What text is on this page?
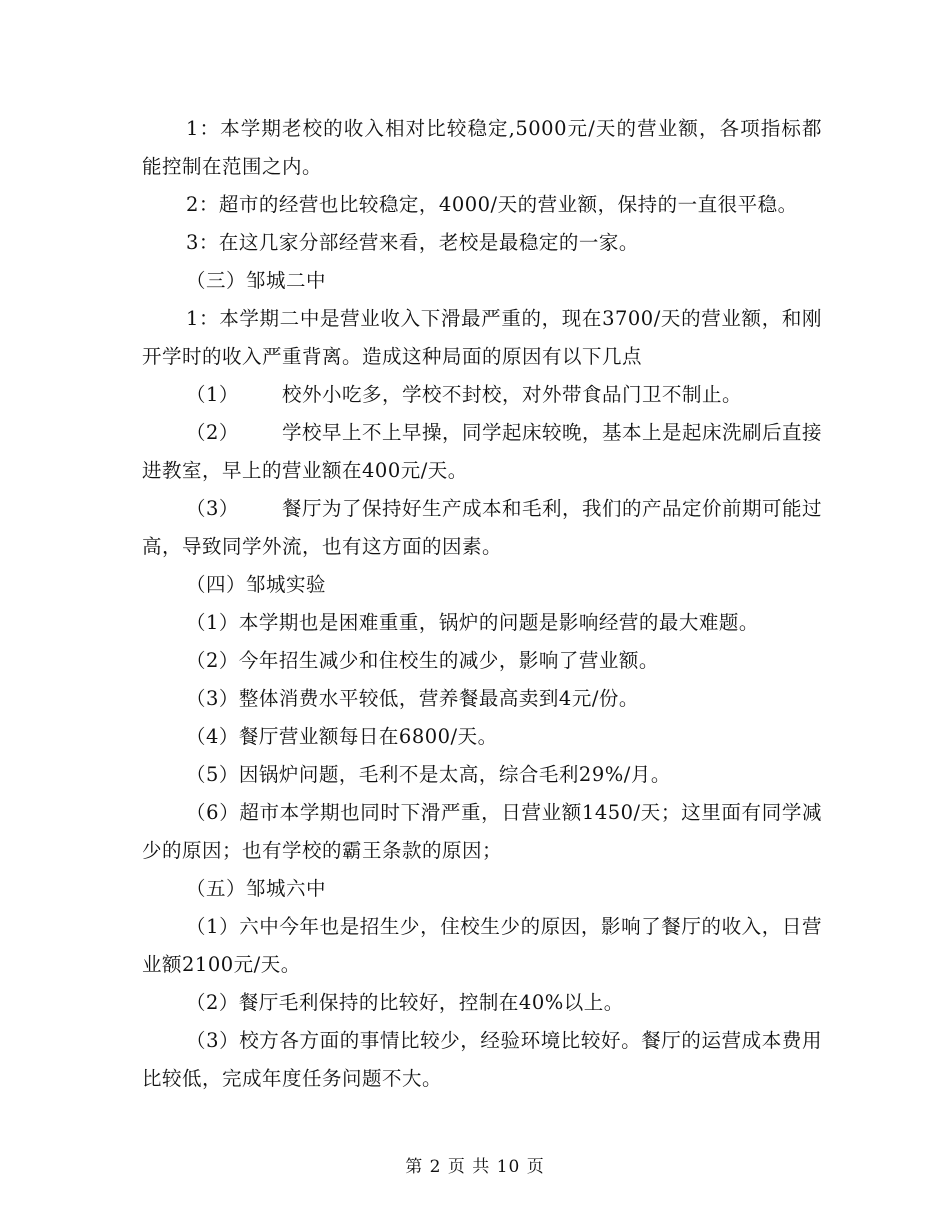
1：本学期老校的收入相对比较稳定,5000元/天的营业额，各项指标都能控制在范围之内。

2：超市的经营也比较稳定，4000/天的营业额，保持的一直很平稳。

3：在这几家分部经营来看，老校是最稳定的一家。

（三）邹城二中

1：本学期二中是营业收入下滑最严重的，现在3700/天的营业额，和刚开学时的收入严重背离。造成这种局面的原因有以下几点

（1） 校外小吃多，学校不封校，对外带食品门卫不制止。

（2） 学校早上不上早操，同学起床较晚，基本上是起床洗刷后直接进教室，早上的营业额在400元/天。

（3） 餐厅为了保持好生产成本和毛利，我们的产品定价前期可能过高，导致同学外流，也有这方面的因素。

（四）邹城实验

（1）本学期也是困难重重，锅炉的问题是影响经营的最大难题。

（2）今年招生减少和住校生的减少，影响了营业额。

（3）整体消费水平较低，营养餐最高卖到4元/份。

（4）餐厅营业额每日在6800/天。

（5）因锅炉问题，毛利不是太高，综合毛利29%/月。

（6）超市本学期也同时下滑严重，日营业额1450/天；这里面有同学减少的原因；也有学校的霸王条款的原因；

（五）邹城六中

（1）六中今年也是招生少，住校生少的原因，影响了餐厅的收入，日营业额2100元/天。

（2）餐厅毛利保持的比较好，控制在40%以上。

（3）校方各方面的事情比较少，经验环境比较好。餐厅的运营成本费用比较低，完成年度任务问题不大。

第 2 页 共 10 页
